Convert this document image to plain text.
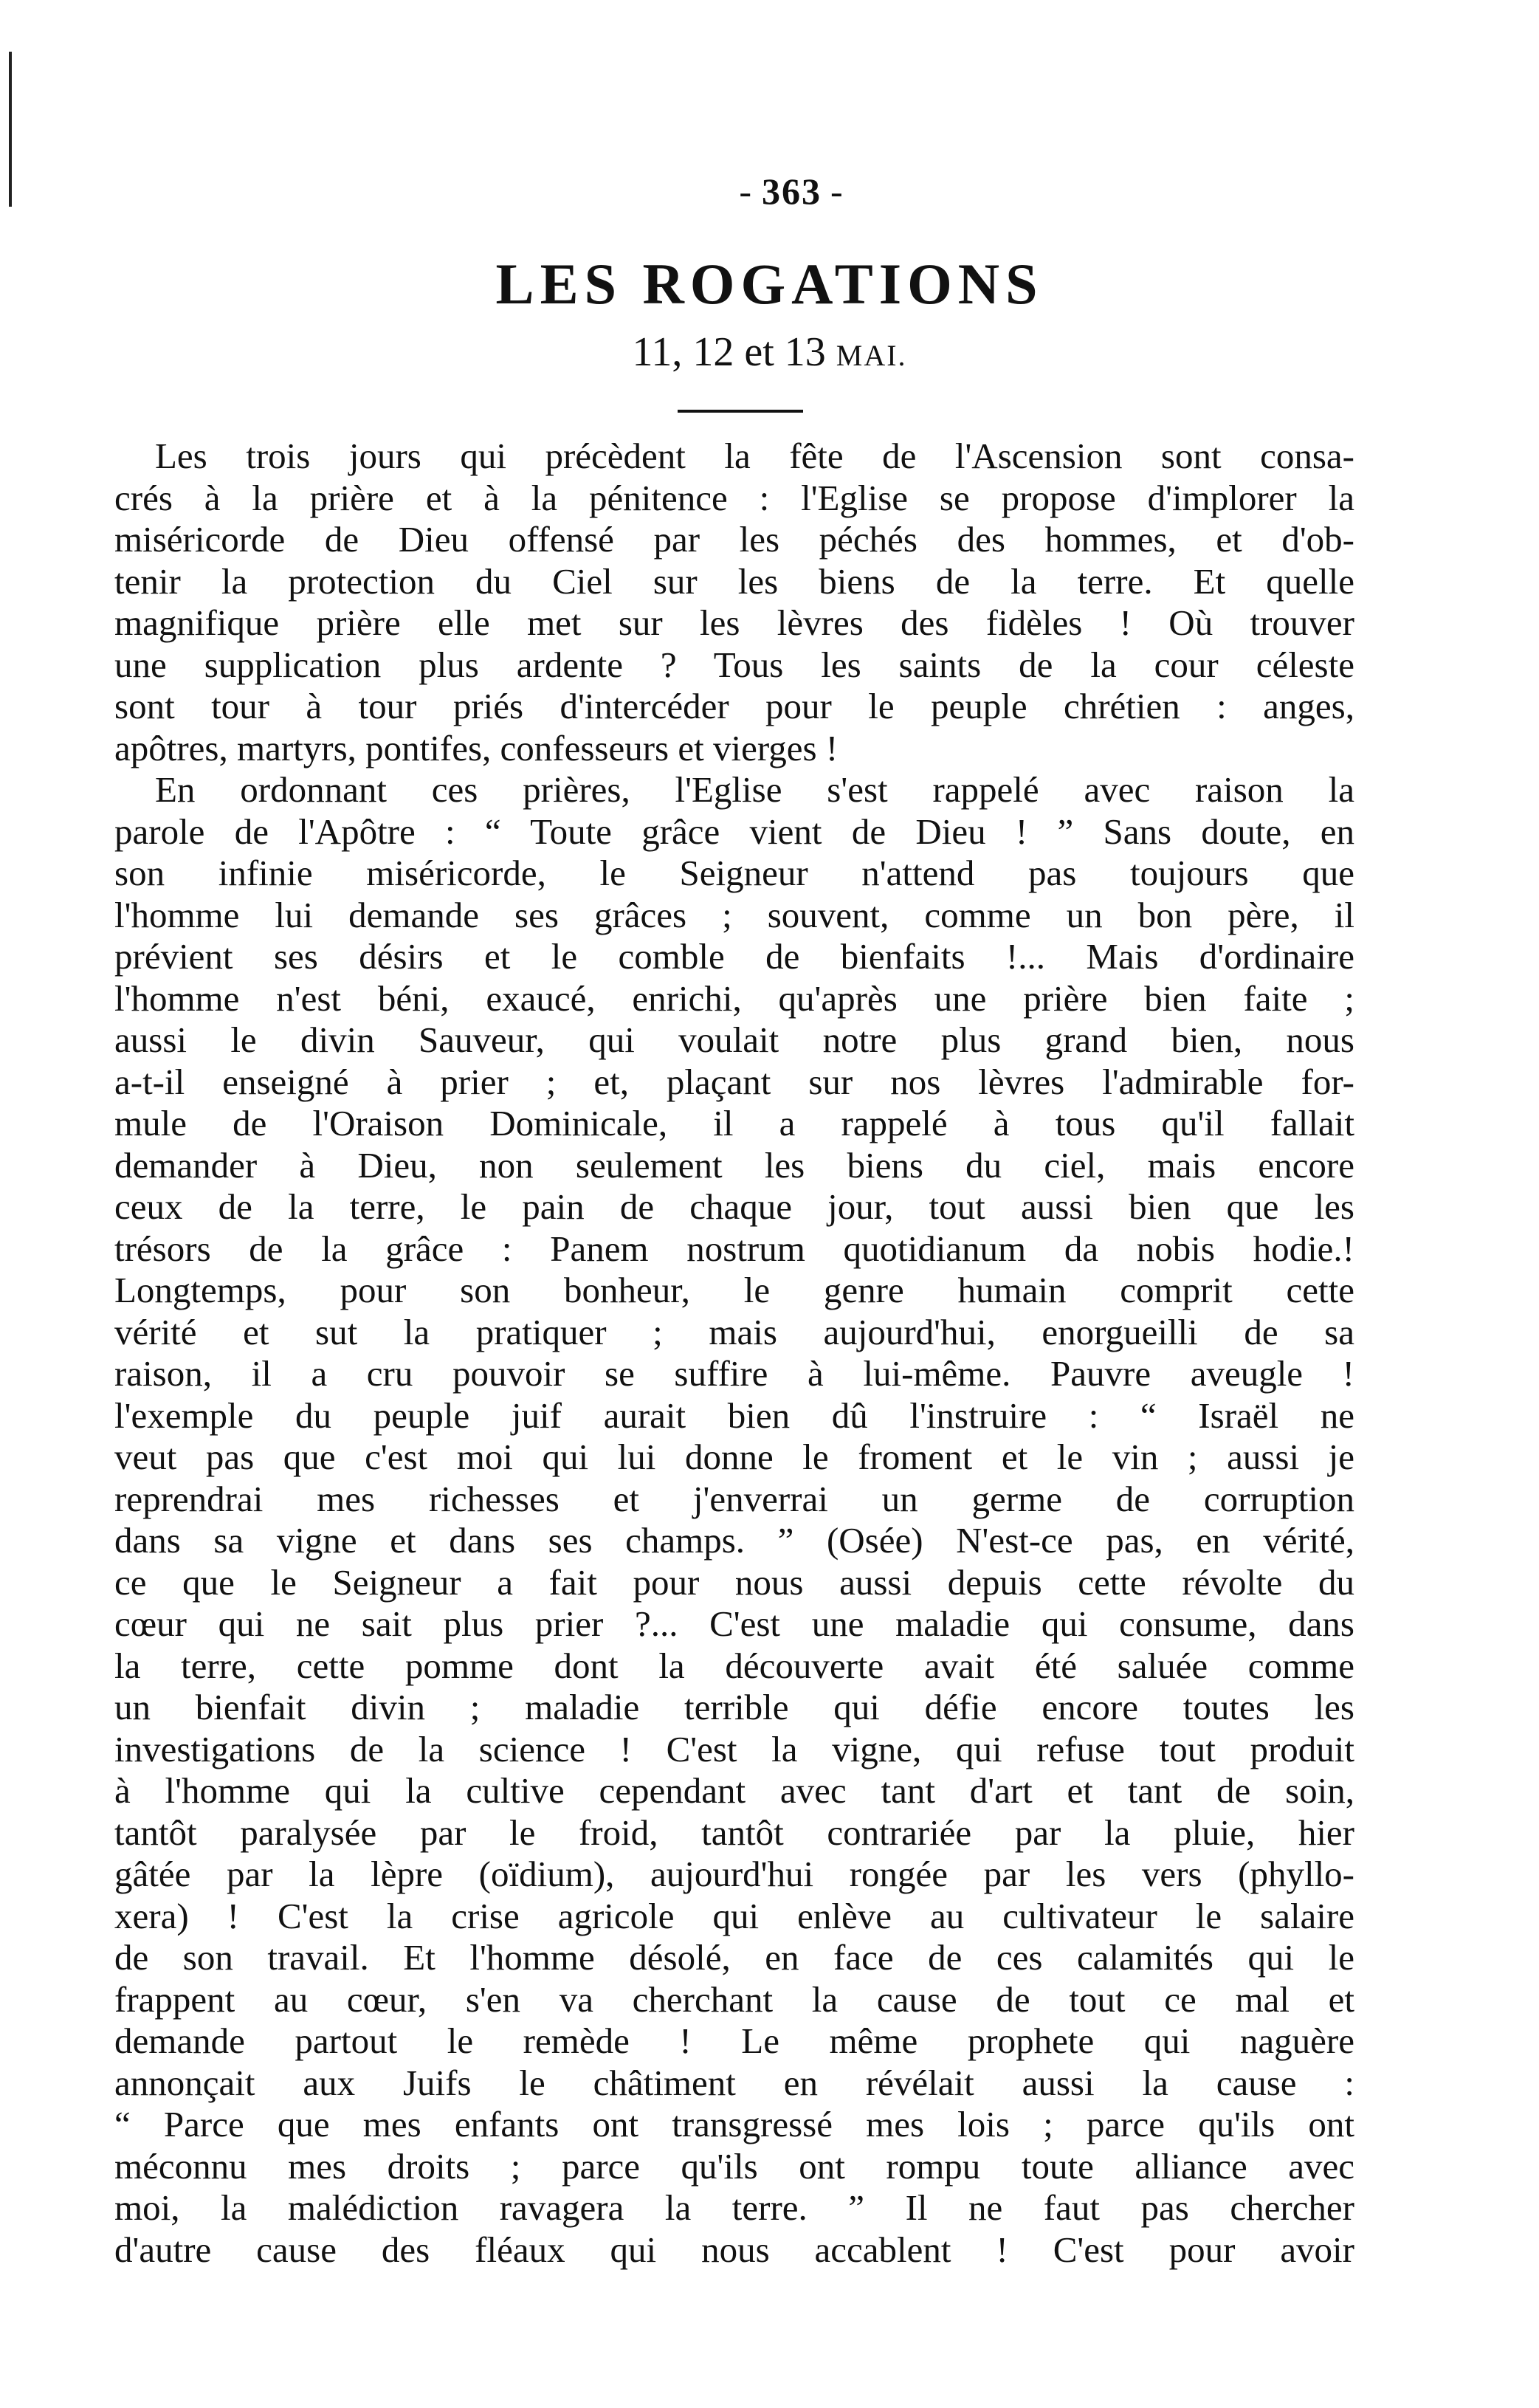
- 363 -
LES ROGATIONS
11, 12 et 13 MAI.
Les trois jours qui précèdent la fête de l'Ascension sont consa-
crés à la prière et à la pénitence : l'Eglise se propose d'implorer la
miséricorde de Dieu offensé par les péchés des hommes, et d'ob-
tenir la protection du Ciel sur les biens de la terre. Et quelle
magnifique prière elle met sur les lèvres des fidèles ! Où trouver
une supplication plus ardente ? Tous les saints de la cour céleste
sont tour à tour priés d'intercéder pour le peuple chrétien : anges,
apôtres, martyrs, pontifes, confesseurs et vierges !
En ordonnant ces prières, l'Eglise s'est rappelé avec raison la
parole de l'Apôtre : “ Toute grâce vient de Dieu ! ” Sans doute, en
son infinie miséricorde, le Seigneur n'attend pas toujours que
l'homme lui demande ses grâces ; souvent, comme un bon père, il
prévient ses désirs et le comble de bienfaits !... Mais d'ordinaire
l'homme n'est béni, exaucé, enrichi, qu'après une prière bien faite ;
aussi le divin Sauveur, qui voulait notre plus grand bien, nous
a-t-il enseigné à prier ; et, plaçant sur nos lèvres l'admirable for-
mule de l'Oraison Dominicale, il a rappelé à tous qu'il fallait
demander à Dieu, non seulement les biens du ciel, mais encore
ceux de la terre, le pain de chaque jour, tout aussi bien que les
trésors de la grâce : Panem nostrum quotidianum da nobis hodie.!
Longtemps, pour son bonheur, le genre humain comprit cette
vérité et sut la pratiquer ; mais aujourd'hui, enorgueilli de sa
raison, il a cru pouvoir se suffire à lui-même. Pauvre aveugle !
l'exemple du peuple juif aurait bien dû l'instruire : “ Israël ne
veut pas que c'est moi qui lui donne le froment et le vin ; aussi je
reprendrai mes richesses et j'enverrai un germe de corruption
dans sa vigne et dans ses champs. ” (Osée) N'est-ce pas, en vérité,
ce que le Seigneur a fait pour nous aussi depuis cette révolte du
cœur qui ne sait plus prier ?... C'est une maladie qui consume, dans
la terre, cette pomme dont la découverte avait été saluée comme
un bienfait divin ; maladie terrible qui défie encore toutes les
investigations de la science ! C'est la vigne, qui refuse tout produit
à l'homme qui la cultive cependant avec tant d'art et tant de soin,
tantôt paralysée par le froid, tantôt contrariée par la pluie, hier
gâtée par la lèpre (oïdium), aujourd'hui rongée par les vers (phyllo-
xera) ! C'est la crise agricole qui enlève au cultivateur le salaire
de son travail. Et l'homme désolé, en face de ces calamités qui le
frappent au cœur, s'en va cherchant la cause de tout ce mal et
demande partout le remède ! Le même prophete qui naguère
annonçait aux Juifs le châtiment en révélait aussi la cause :
“ Parce que mes enfants ont transgressé mes lois ; parce qu'ils ont
méconnu mes droits ; parce qu'ils ont rompu toute alliance avec
moi, la malédiction ravagera la terre. ” Il ne faut pas chercher
d'autre cause des fléaux qui nous accablent ! C'est pour avoir
